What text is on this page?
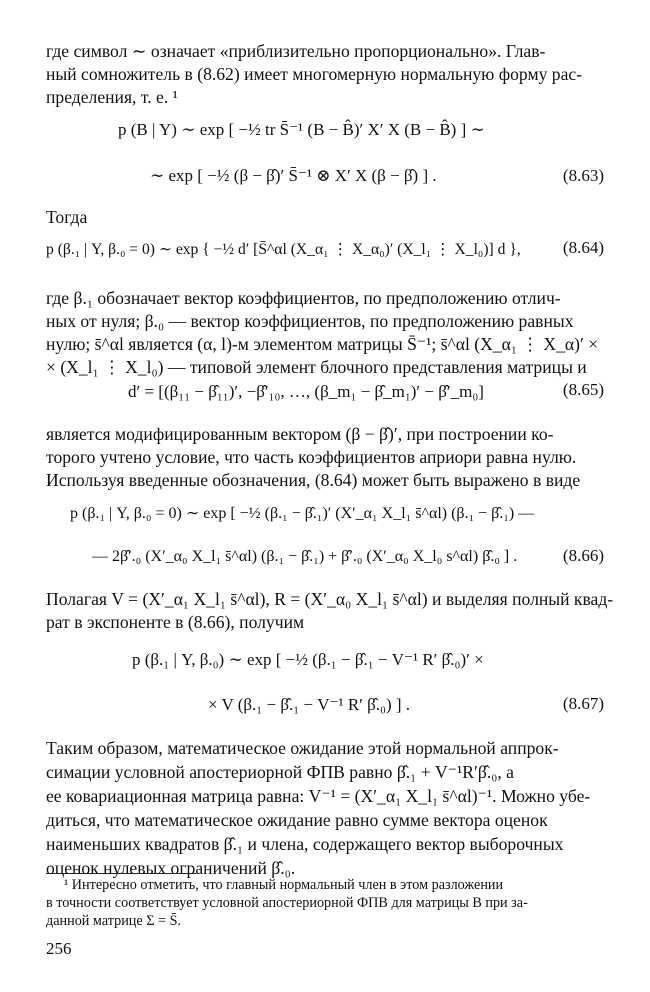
где символ ∼ означает «приблизительно пропорционально». Глав-
ный сомножитель в (8.62) имеет многомерную нормальную форму рас-
пределения, т. е. ¹

p (B | Y) ∼ exp [ −½ tr S̄⁻¹ (B − B̂)′ X′ X (B − B̂) ] ∼
∼ exp [ −½ (β − β̂)′ S̄⁻¹ ⊗ X′ X (β − β̂) ] .	(8.63)
Тогда
p (β.₁ | Y, β.₀ = 0) ∼ exp { −½ d′ [S̄^αl (X_α₁ ⋮ X_α₀)′ (X_l₁ ⋮ X_l₀)] d }, (8.64)

где β.₁ обозначает вектор коэффициентов, по предположению отлич-
ных от нуля; β.₀ — вектор коэффициентов, по предположению равных
нулю; s̄^αl является (α, l)-м элементом матрицы S̄⁻¹; s̄^αl (X_α₁ ⋮ X_α)′ ×
× (X_l₁ ⋮ X_l₀) — типовой элемент блочного представления матрицы и

d′ = [(β₁₁ − β̂₁₁)′, −β̂′₁₀, …, (β_m₁ − β̂_m₁)′ − β̂′_m₀]	(8.65)

является модифицированным вектором (β − β̂)′, при построении ко-
торого учтено условие, что часть коэффициентов априори равна нулю.
Используя введенные обозначения, (8.64) может быть выражено в виде

p (β.₁ | Y, β.₀ = 0) ∼ exp [ −½ (β.₁ − β̂.₁)′ (X′_α₁ X_l₁ s̄^αl) (β.₁ − β̂.₁) —
— 2β̂′.₀ (X′_α₀ X_l₁ s̄^αl) (β.₁ − β̂.₁) + β̂′.₀ (X′_α₀ X_l₀ s^αl) β̂.₀ ] .	(8.66)

Полагая V = (X′_α₁ X_l₁ s̄^αl), R = (X′_α₀ X_l₁ s̄^αl) и выделяя полный квад-
рат в экспоненте в (8.66), получим

p (β.₁ | Y, β.₀) ∼ exp [ −½ (β.₁ − β̂.₁ − V⁻¹ R′ β̂.₀)′ ×
× V (β.₁ − β̂.₁ − V⁻¹ R′ β̂.₀) ] .	(8.67)

Таким образом, математическое ожидание этой нормальной аппрок-
симации условной апостериорной ФПВ равно β̂.₁ + V⁻¹R′β̂.₀, а
ее ковариационная матрица равна: V⁻¹ = (X′_α₁ X_l₁ s̄^αl)⁻¹. Можно убе-
диться, что математическое ожидание равно сумме вектора оценок
наименьших квадратов β̂.₁ и члена, содержащего вектор выборочных
оценок нулевых ограничений β̂.₀.

¹ Интересно отметить, что главный нормальный член в этом разложении
в точности соответствует условной апостериорной ФПВ для матрицы B при за-
данной матрице Σ = S̄.
256
